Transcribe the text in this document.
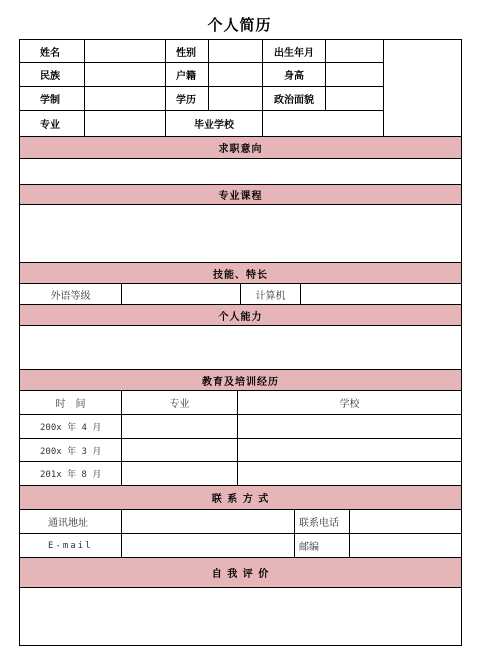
个人简历
姓名	性别	出生年月
民族	户籍	身高
学制	学历	政治面貌
专业	毕业学校
求职意向
专业课程
技能、特长
外语等级	计算机
个人能力
教育及培训经历
时　间	专业	学校
200x 年 4 月
200x 年 3 月
201x 年 8 月
联 系 方 式
通讯地址	联系电话
E-mail	邮编
自 我 评 价
